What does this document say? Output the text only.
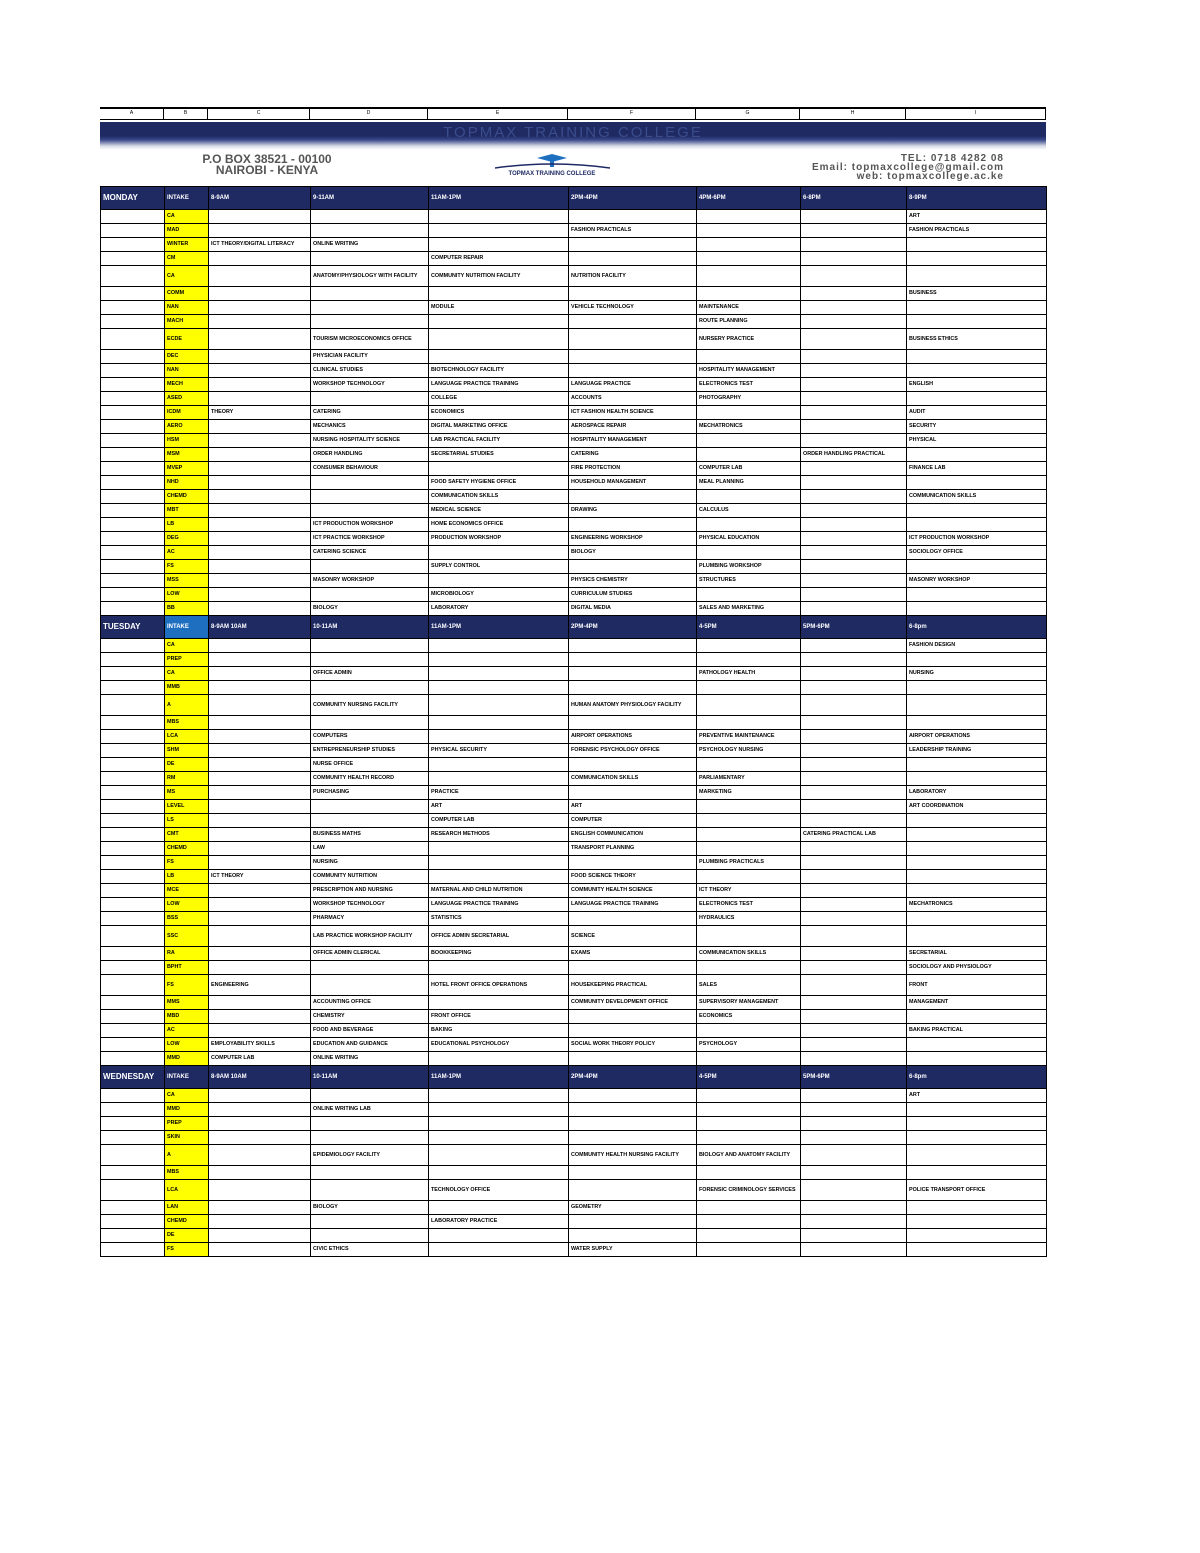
A	B	C	D	E	F	G	H	I
TOPMAX TRAINING COLLEGE
P.O BOX 38521 - 00100
NAIROBI - KENYA	TOPMAX TRAINING COLLEGE
TEL: 0718 4282 08
Email: topmaxcollege@gmail.com
web: topmaxcollege.ac.ke
MONDAY	INTAKE	8-9AM	9-11AM	11AM-1PM	2PM-4PM	4PM-6PM	6-8PM	8-9PM
	CA							ART
	MAD				FASHION PRACTICALS			FASHION PRACTICALS
	WINTER	ICT THEORY/DIGITAL LITERACY	ONLINE WRITING					
	CM			COMPUTER REPAIR				
	CA		ANATOMY/PHYSIOLOGY WITH FACILITY	COMMUNITY NUTRITION FACILITY	NUTRITION FACILITY			
	COMM							BUSINESS
	NAN			MODULE	VEHICLE TECHNOLOGY	MAINTENANCE		
	MACH					ROUTE PLANNING		
	ECDE		TOURISM MICROECONOMICS OFFICE			NURSERY PRACTICE		BUSINESS ETHICS
	DEC		PHYSICIAN FACILITY					
	NAN		CLINICAL STUDIES	BIOTECHNOLOGY FACILITY		HOSPITALITY MANAGEMENT		
	MECH		WORKSHOP TECHNOLOGY	LANGUAGE PRACTICE TRAINING	LANGUAGE PRACTICE	ELECTRONICS TEST		ENGLISH
	ASED			COLLEGE	ACCOUNTS	PHOTOGRAPHY		
	ICDM	THEORY	CATERING	ECONOMICS	ICT FASHION HEALTH SCIENCE			AUDIT
	AERO		MECHANICS	DIGITAL MARKETING OFFICE	AEROSPACE REPAIR	MECHATRONICS		SECURITY
	HSM		NURSING HOSPITALITY SCIENCE	LAB PRACTICAL FACILITY	HOSPITALITY MANAGEMENT			PHYSICAL
	MSM		ORDER HANDLING	SECRETARIAL STUDIES	CATERING		ORDER HANDLING PRACTICAL	
	MVEP		CONSUMER BEHAVIOUR		FIRE PROTECTION	COMPUTER LAB		FINANCE LAB
	NHD			FOOD SAFETY HYGIENE OFFICE	HOUSEHOLD MANAGEMENT	MEAL PLANNING		
	CHEMD			COMMUNICATION SKILLS				COMMUNICATION SKILLS
	MBT			MEDICAL SCIENCE	DRAWING	CALCULUS		
	LB		ICT PRODUCTION WORKSHOP	HOME ECONOMICS OFFICE				
	DEG		ICT PRACTICE WORKSHOP	PRODUCTION WORKSHOP	ENGINEERING WORKSHOP	PHYSICAL EDUCATION		ICT PRODUCTION WORKSHOP
	AC		CATERING SCIENCE		BIOLOGY			SOCIOLOGY OFFICE
	FS			SUPPLY CONTROL		PLUMBING WORKSHOP		
	MSS		MASONRY WORKSHOP		PHYSICS CHEMISTRY	STRUCTURES		MASONRY WORKSHOP
	LOW			MICROBIOLOGY	CURRICULUM STUDIES			
	BB		BIOLOGY	LABORATORY	DIGITAL MEDIA	SALES AND MARKETING		
TUESDAY	INTAKE	8-9AM 10AM	10-11AM	11AM-1PM	2PM-4PM	4-5PM	5PM-6PM	6-8pm
	CA							FASHION DESIGN
	PREP							
	CA		OFFICE ADMIN			PATHOLOGY HEALTH		NURSING
	MMB							
	A		COMMUNITY NURSING FACILITY		HUMAN ANATOMY PHYSIOLOGY FACILITY			
	MBS							
	LCA		COMPUTERS		AIRPORT OPERATIONS	PREVENTIVE MAINTENANCE		AIRPORT OPERATIONS
	SHM		ENTREPRENEURSHIP STUDIES	PHYSICAL SECURITY	FORENSIC PSYCHOLOGY OFFICE	PSYCHOLOGY NURSING		LEADERSHIP TRAINING
	DE		NURSE OFFICE					
	RM		COMMUNITY HEALTH RECORD		COMMUNICATION SKILLS	PARLIAMENTARY		
	MS		PURCHASING	PRACTICE		MARKETING		LABORATORY
	LEVEL			ART	ART			ART COORDINATION
	LS			COMPUTER LAB	COMPUTER			
	CMT		BUSINESS MATHS	RESEARCH METHODS	ENGLISH COMMUNICATION		CATERING PRACTICAL LAB	
	CHEMD		LAW		TRANSPORT PLANNING			
	FS		NURSING			PLUMBING PRACTICALS		
	LB	ICT THEORY	COMMUNITY NUTRITION		FOOD SCIENCE THEORY			
	MCE		PRESCRIPTION AND NURSING	MATERNAL AND CHILD NUTRITION	COMMUNITY HEALTH SCIENCE	ICT THEORY		
	LOW		WORKSHOP TECHNOLOGY	LANGUAGE PRACTICE TRAINING	LANGUAGE PRACTICE TRAINING	ELECTRONICS TEST		MECHATRONICS
	BSS		PHARMACY	STATISTICS		HYDRAULICS		
	SSC		LAB PRACTICE WORKSHOP FACILITY	OFFICE ADMIN SECRETARIAL	SCIENCE			
	RA		OFFICE ADMIN CLERICAL	BOOKKEEPING	EXAMS	COMMUNICATION SKILLS		SECRETARIAL
	BPHT							SOCIOLOGY AND PHYSIOLOGY
	FS	ENGINEERING		HOTEL FRONT OFFICE OPERATIONS	HOUSEKEEPING PRACTICAL	SALES		FRONT
	MMS		ACCOUNTING OFFICE		COMMUNITY DEVELOPMENT OFFICE	SUPERVISORY MANAGEMENT		MANAGEMENT
	MBD		CHEMISTRY	FRONT OFFICE		ECONOMICS		
	AC		FOOD AND BEVERAGE	BAKING				BAKING PRACTICAL
	LOW	EMPLOYABILITY SKILLS	EDUCATION AND GUIDANCE	EDUCATIONAL PSYCHOLOGY	SOCIAL WORK THEORY POLICY	PSYCHOLOGY		
	MMD	COMPUTER LAB	ONLINE WRITING					
WEDNESDAY	INTAKE	8-9AM 10AM	10-11AM	11AM-1PM	2PM-4PM	4-5PM	5PM-6PM	6-8pm
	CA							ART
	MMD		ONLINE WRITING LAB					
	PREP							
	SKIN							
	A		EPIDEMIOLOGY FACILITY		COMMUNITY HEALTH NURSING FACILITY	BIOLOGY AND ANATOMY FACILITY		
	MBS							
	LCA			TECHNOLOGY OFFICE		FORENSIC CRIMINOLOGY SERVICES		POLICE TRANSPORT OFFICE
	LAN		BIOLOGY		GEOMETRY			
	CHEMD			LABORATORY PRACTICE				
	DE							
	FS		CIVIC ETHICS		WATER SUPPLY			
